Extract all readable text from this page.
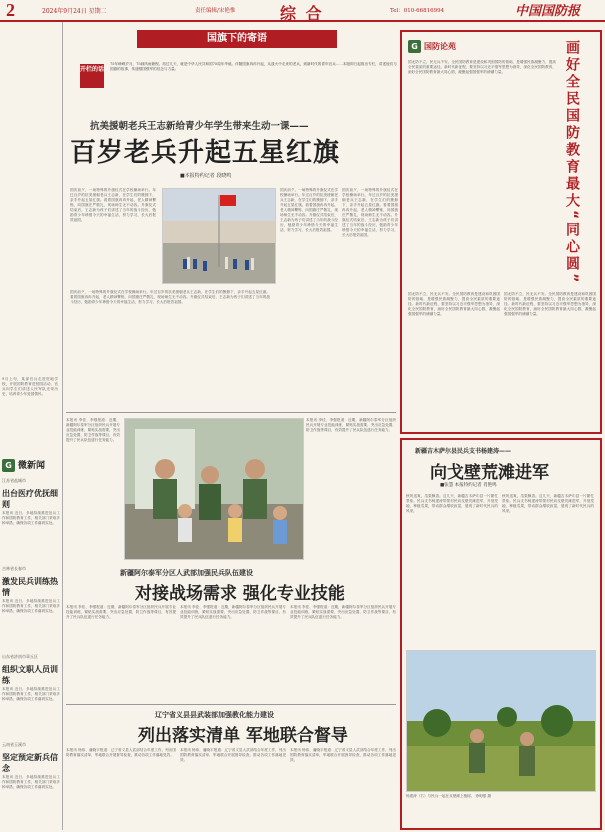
2	2024年9月24日 星期二	责任编辑/宋艳惟	综 合	Tel：010-66816994	中国国防报
9月上旬，某部官兵走进驻地学校，开展国防教育进校园活动，官兵向学生们讲述人民军队光荣历史，培养青少年爱国情怀。
G 微新闻
江苏省盐城市
出台医疗优抚细则
本报讯 近日，多地持续推进征兵工作和国防教育工作，相关部门采取多种举措，确保各项工作落到实处。
吉林省长春市
激发民兵训练热情
本报讯 近日，多地持续推进征兵工作和国防教育工作，相关部门采取多种举措，确保各项工作落到实处。
山东省济南市章丘区
组织文职人员训练
本报讯 近日，多地持续推进征兵工作和国防教育工作，相关部门采取多种举措，确保各项工作落到实处。
云南省玉溪市
坚定预定新兵信念
本报讯 近日，多地持续推进征兵工作和国防教育工作，相关部门采取多种举措，确保各项工作落到实处。
国旗下的寄语
开栏的话
75年峥嵘岁月，75载风雨兼程。再过几天，就是中华人民共和国75周年华诞。伴随国旗冉冉升起，从战火中走来的老兵，到新时代的青年官兵……本版即日起推出专栏，讲述他们与国旗的故事，传递强国强军的信念与力量。
抗美援朝老兵王志新给青少年学生带来生动一课——
百岁老兵升起五星红旗
■本报特约记者 段晓鸣
国庆前夕，一场特殊的升旗仪式在学校操场举行。年过百岁的抗美援朝老兵王志新，在学生们的簇拥下，亲手升起五星红旗。看着国旗冉冉升起，老人精神矍铄，向国旗庄严敬礼，现场师生无不动容。升旗仪式结束后，王志新为孩子们讲述了当年的战斗经历，勉励青少年珍惜今天的幸福生活，努力学习，长大后报效祖国。
国庆前夕，一场特殊的升旗仪式在学校操场举行。年过百岁的抗美援朝老兵王志新，在学生们的簇拥下，亲手升起五星红旗。看着国旗冉冉升起，老人精神矍铄，向国旗庄严敬礼，现场师生无不动容。升旗仪式结束后，王志新为孩子们讲述了当年的战斗经历，勉励青少年珍惜今天的幸福生活，努力学习，长大后报效祖国。
国庆前夕，一场特殊的升旗仪式在学校操场举行。年过百岁的抗美援朝老兵王志新，在学生们的簇拥下，亲手升起五星红旗。看着国旗冉冉升起，老人精神矍铄，向国旗庄严敬礼，现场师生无不动容。升旗仪式结束后，王志新为孩子们讲述了当年的战斗经历，勉励青少年珍惜今天的幸福生活，努力学习，长大后报效祖国。
国庆前夕，一场特殊的升旗仪式在学校操场举行。年过百岁的抗美援朝老兵王志新，在学生们的簇拥下，亲手升起五星红旗。看着国旗冉冉升起，老人精神矍铄，向国旗庄严敬礼，现场师生无不动容。升旗仪式结束后，王志新为孩子们讲述了当年的战斗经历，勉励青少年珍惜今天的幸福生活，努力学习，长大后报效祖国。
本报讯 李佳、李强报道：近期，新疆阿尔泰军分区组织民兵开展专业技能训练，紧贴实战需要，突出应急处置、防卫作战等课目，有效提升了民兵队伍遂行任务能力。
本报讯 李佳、李强报道：近期，新疆阿尔泰军分区组织民兵开展专业技能训练，紧贴实战需要，突出应急处置、防卫作战等课目，有效提升了民兵队伍遂行任务能力。
新疆阿尔泰军分区人武部加强民兵队伍建设
对接战场需求 强化专业技能
本报讯 李佳、李强报道：近期，新疆阿尔泰军分区组织民兵开展专业技能训练，紧贴实战需要，突出应急处置、防卫作战等课目，有效提升了民兵队伍遂行任务能力。
本报讯 李佳、李强报道：近期，新疆阿尔泰军分区组织民兵开展专业技能训练，紧贴实战需要，突出应急处置、防卫作战等课目，有效提升了民兵队伍遂行任务能力。
本报讯 李佳、李强报道：近期，新疆阿尔泰军分区组织民兵开展专业技能训练，紧贴实战需要，突出应急处置、防卫作战等课目，有效提升了民兵队伍遂行任务能力。
辽宁省义县县武装部加强教化能力建设
列出落实清单 军地联合督导
本报讯 杨伟、潘晓宇报道：辽宁省义县人武部结合年度工作，列出国防教育落实清单，军地联合开展督导检查，推动各项工作落地见效。
本报讯 杨伟、潘晓宇报道：辽宁省义县人武部结合年度工作，列出国防教育落实清单，军地联合开展督导检查，推动各项工作落地见效。
本报讯 杨伟、潘晓宇报道：辽宁省义县人武部结合年度工作，列出国防教育落实清单，军地联合开展督导检查，推动各项工作落地见效。
G 国防论苑
国无防不立，民无兵不安。全民国防教育是建设和巩固国防的基础，是增强民族凝聚力、提高全民素质的重要途径。新时代新征程，要坚持以习近平强军思想为指导，深化全民国防教育，画好全民国防教育最大同心圆，凝聚起强国强军的磅礴力量。
国无防不立，民无兵不安。全民国防教育是建设和巩固国防的基础，是增强民族凝聚力、提高全民素质的重要途径。新时代新征程，要坚持以习近平强军思想为指导，深化全民国防教育，画好全民国防教育最大同心圆，凝聚起强国强军的磅礴力量。
国无防不立，民无兵不安。全民国防教育是建设和巩固国防的基础，是增强民族凝聚力、提高全民素质的重要途径。新时代新征程，要坚持以习近平强军思想为指导，深化全民国防教育，画好全民国防教育最大同心圆，凝聚起强国强军的磅礴力量。
画好全民国防教育最大“同心圆”
新疆吉木萨尔县民兵支书杨建涛——
向戈壁荒滩进军
■张慧 本报特约记者 肖艳鸣
秋风送爽，瓜果飘香。这几天，新疆吉木萨尔县一片繁忙景象。民兵支书杨建涛带领村民向戈壁荒滩进军，开垦荒地、种植瓜果，带动群众增收致富，展现了新时代民兵的风采。
秋风送爽，瓜果飘香。这几天，新疆吉木萨尔县一片繁忙景象。民兵支书杨建涛带领村民向戈壁荒滩进军，开垦荒地、种植瓜果，带动群众增收致富，展现了新时代民兵的风采。
杨建涛（右）与民兵一起在戈壁滩上植树。 徐明强 摄
